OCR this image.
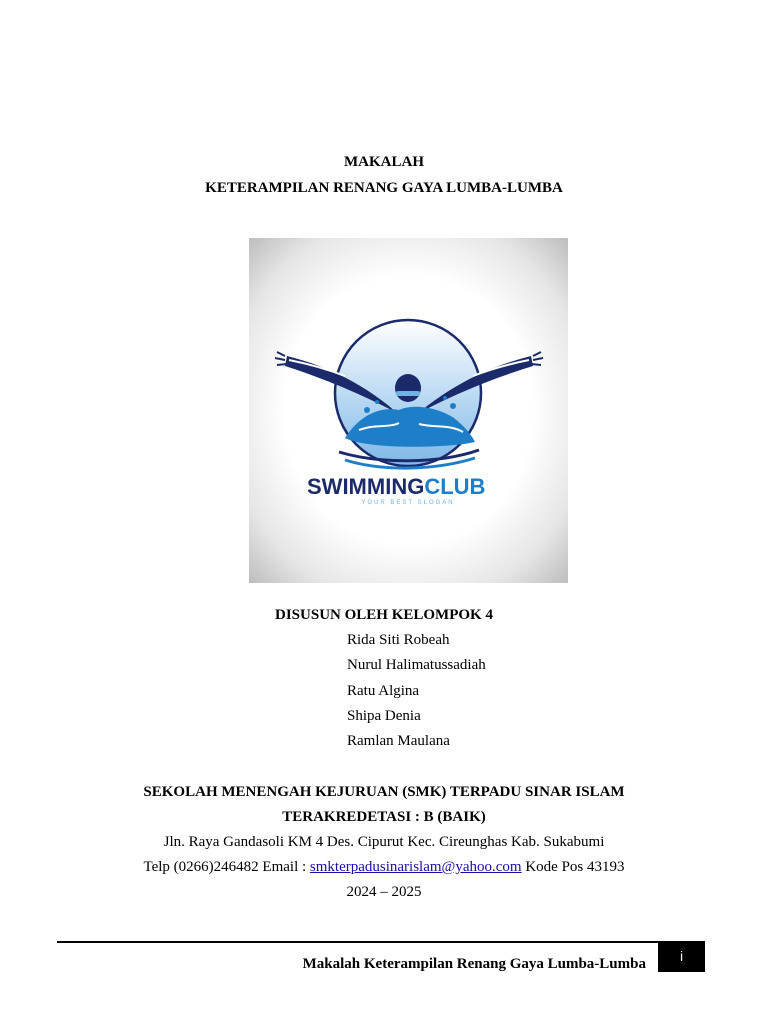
MAKALAH
KETERAMPILAN RENANG GAYA LUMBA-LUMBA
SWIMMINGCLUB
YOUR BEST SLOGAN
DISUSUN OLEH KELOMPOK 4
Rida Siti Robeah
Nurul Halimatussadiah
Ratu Algina
Shipa Denia
Ramlan Maulana
SEKOLAH MENENGAH KEJURUAN (SMK) TERPADU SINAR ISLAM
TERAKREDETASI : B (BAIK)
Jln. Raya Gandasoli KM 4 Des. Cipurut Kec. Cireunghas Kab. Sukabumi
Telp (0266)246482 Email : smkterpadusinarislam@yahoo.com Kode Pos 43193
2024 – 2025
Makalah Keterampilan Renang Gaya Lumba-Lumba	i
